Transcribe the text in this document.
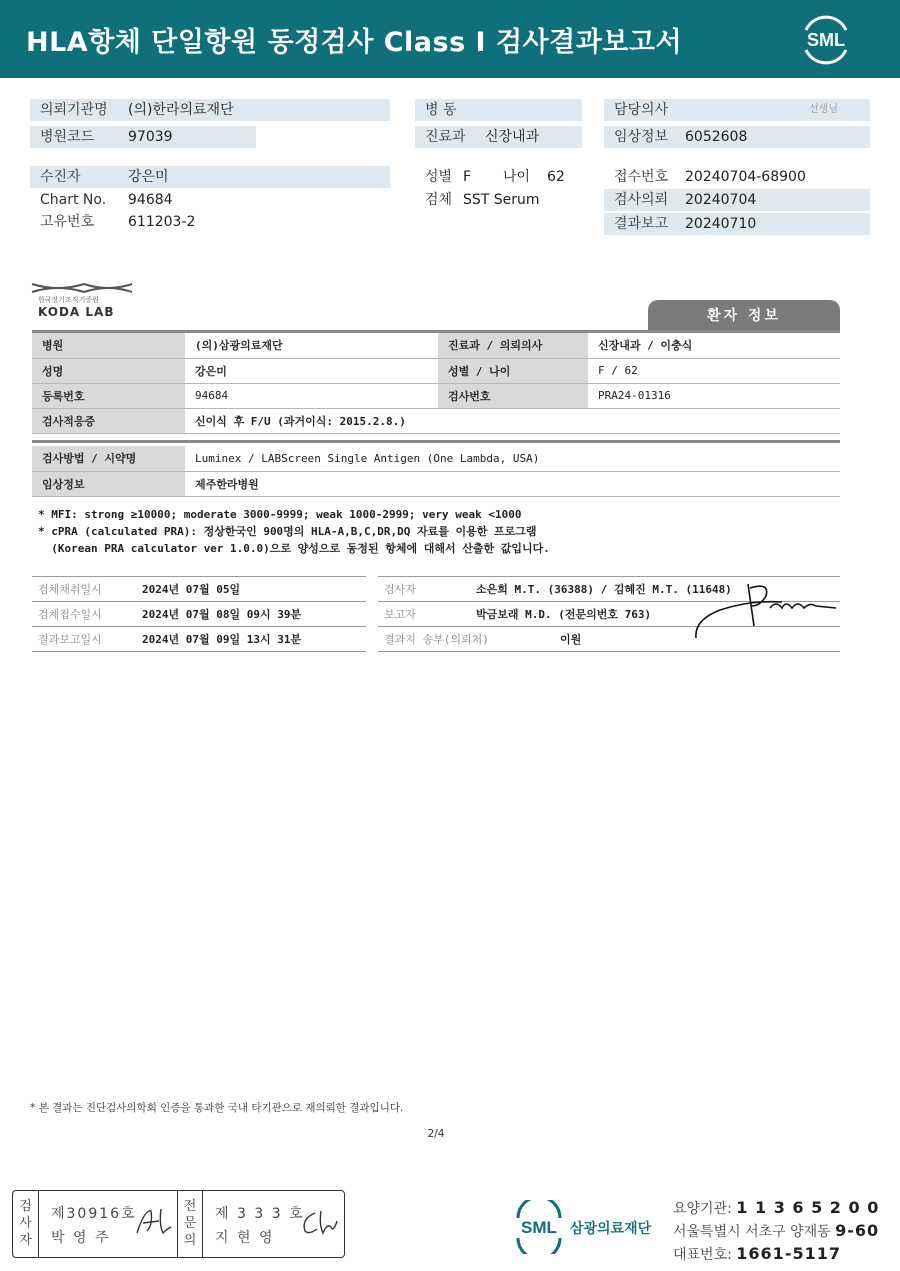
HLA항체 단일항원 동정검사 Class I 검사결과보고서	SML
의뢰기관명 (의)한라의료재단
병원코드 97039
병 동
진료과 신장내과
담당의사	선생님
임상정보 6052608
수진자	강은미
Chart No. 94684
고유번호 611203-2
성별 F 나이 62
검체 SST Serum
접수번호 20240704-68900
검사의뢰 20240704
결과보고 20240710
한국장기조직기증원
KODA LAB	환자 정보
병원	(의)삼광의료재단	진료과 / 의뢰의사	신장내과 / 이충식
성명	강은미	성별 / 나이	F / 62
등록번호	94684	검사번호	PRA24-01316
검사적응증	신이식 후 F/U (과거이식: 2015.2.8.)		
검사방법 / 시약명	Luminex / LABScreen Single Antigen (One Lambda, USA)
임상정보	제주한라병원
* MFI: strong ≥10000; moderate 3000-9999; weak 1000-2999; very weak <1000
* cPRA (calculated PRA): 정상한국인 900명의 HLA-A,B,C,DR,DQ 자료를 이용한 프로그램
(Korean PRA calculator ver 1.0.0)으로 양성으로 동정된 항체에 대해서 산출한 값입니다.
검체채취일시	2024년 07월 05일
검체접수일시	2024년 07월 08일 09시 39분
결과보고일시	2024년 07월 09일 13시 31분
검사자	소은희 M.T. (36388) / 김혜진 M.T. (11648)
보고자	박금보래 M.D. (전문의번호 763)
결과지 송부(의뢰처)	이원
* 본 결과는 진단검사의학회 인증을 통과한 국내 타기관으로 재의뢰한 결과입니다.
2/4
검사자
제30916호
박 영 주
전문의
제 3 3 3 호
지 현 영
SML 삼광의료재단
요양기관: 1 1 3 6 5 2 0 0
서울특별시 서초구 양재동 9-60
대표번호: 1661-5117
